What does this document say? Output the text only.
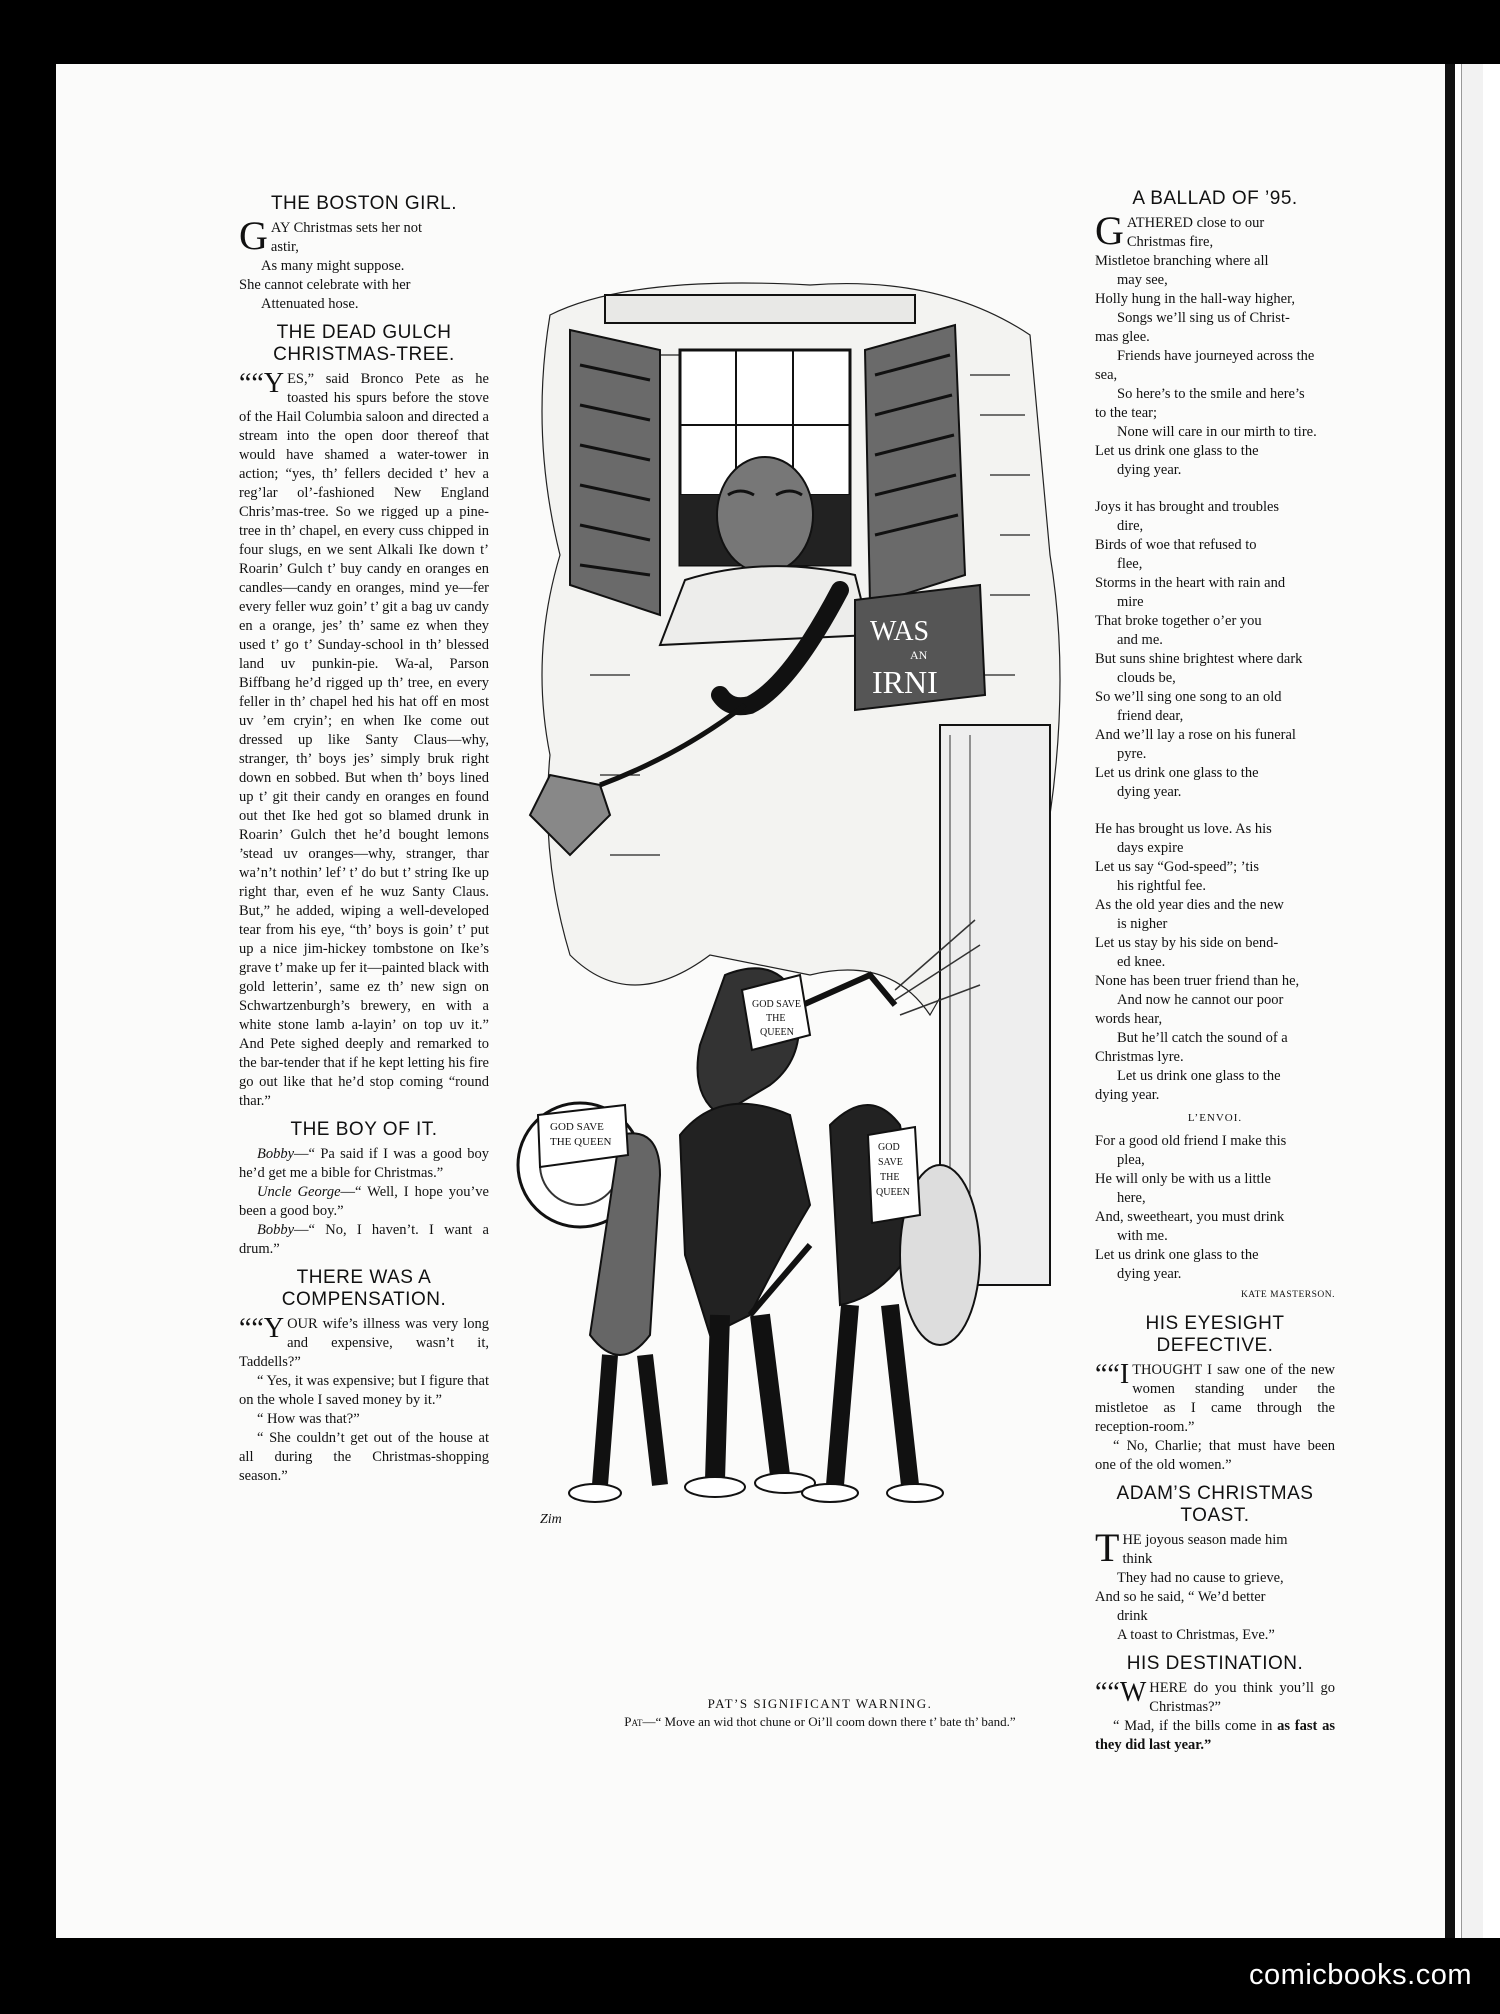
THE BOSTON GIRL.
G AY Christmas sets her not
astir,
As many might suppose.
She cannot celebrate with her
Attenuated hose.
THE DEAD GULCH CHRISTMAS-TREE.

““Y ES,” said Bronco Pete as he toasted his spurs before the stove of the Hail Columbia saloon and directed a stream into the open door thereof that would have shamed a water-tower in action; “yes, th’ fellers decided t’ hev a reg’lar ol’-fashioned New England Chris’mas-tree. So we rigged up a pine-tree in th’ chapel, en every cuss chipped in four slugs, en we sent Alkali Ike down t’ Roarin’ Gulch t’ buy candy en oranges en candles—candy en oranges, mind ye—fer every feller wuz goin’ t’ git a bag uv candy en a orange, jes’ th’ same ez when they used t’ go t’ Sunday-school in th’ blessed land uv punkin-pie. Wa-al, Parson Biffbang he’d rigged up th’ tree, en every feller in th’ chapel hed his hat off en most uv ’em cryin’; en when Ike come out dressed up like Santy Claus—why, stranger, th’ boys jes’ simply bruk right down en sobbed. But when th’ boys lined up t’ git their candy en oranges en found out thet Ike hed got so blamed drunk in Roarin’ Gulch thet he’d bought lemons ’stead uv oranges—why, stranger, thar wa’n’t nothin’ lef’ t’ do but t’ string Ike up right thar, even ef he wuz Santy Claus. But,” he added, wiping a well-developed tear from his eye, “th’ boys is goin’ t’ put up a nice jim-hickey tombstone on Ike’s grave t’ make up fer it—painted black with gold letterin’, same ez th’ new sign on Schwartzenburgh’s brewery, en with a white stone lamb a-layin’ on top uv it.” And Pete sighed deeply and remarked to the bar-tender that if he kept letting his fire go out like that he’d stop coming “round thar.”

THE BOY OF IT.

Bobby—“ Pa said if I was a good boy he’d get me a bible for Christmas.”

Uncle George—“ Well, I hope you’ve been a good boy.”

Bobby—“ No, I haven’t. I want a drum.”

THERE WAS A COMPENSATION.

““Y OUR wife’s illness was very long and expensive, wasn’t it, Taddells?”

“ Yes, it was expensive; but I figure that on the whole I saved money by it.”

“ How was that?”

“ She couldn’t get out of the house at all during the Christmas-shopping season.”

WAS
AN
IRNI
GOD SAVE
THE QUEEN
GOD SAVE
THE
QUEEN
GOD
SAVE
THE
QUEEN
Zim
PAT’S SIGNIFICANT WARNING.
Pat—“ Move an wid thot chune or Oi’ll coom down there t’ bate th’ band.”
A BALLAD OF ’95.
G ATHERED close to our
Christmas fire,
Mistletoe branching where all
may see,
Holly hung in the hall-way higher,
Songs we’ll sing us of Christ-
mas glee.
Friends have journeyed across the
sea,
So here’s to the smile and here’s
to the tear;
None will care in our mirth to tire.
Let us drink one glass to the
dying year.
Joys it has brought and troubles
dire,
Birds of woe that refused to
flee,
Storms in the heart with rain and
mire
That broke together o’er you
and me.
But suns shine brightest where dark
clouds be,
So we’ll sing one song to an old
friend dear,
And we’ll lay a rose on his funeral
pyre.
Let us drink one glass to the
dying year.
He has brought us love. As his
days expire
Let us say “God-speed”; ’tis
his rightful fee.
As the old year dies and the new
is nigher
Let us stay by his side on bend-
ed knee.
None has been truer friend than he,
And now he cannot our poor
words hear,
But he’ll catch the sound of a
Christmas lyre.
Let us drink one glass to the
dying year.
L’ENVOI.
For a good old friend I make this
plea,
He will only be with us a little
here,
And, sweetheart, you must drink
with me.
Let us drink one glass to the
dying year.
KATE MASTERSON.
HIS EYESIGHT DEFECTIVE.

““I THOUGHT I saw one of the new women standing under the mistletoe as I came through the reception-room.”

“ No, Charlie; that must have been one of the old women.”

ADAM’S CHRISTMAS TOAST.
T HE joyous season made him
think
They had no cause to grieve,
And so he said, “ We’d better
drink
A toast to Christmas, Eve.”
HIS DESTINATION.

““W HERE do you think you’ll go Christmas?”

“ Mad, if the bills come in as fast as they did last year.”

comicbooks.com
